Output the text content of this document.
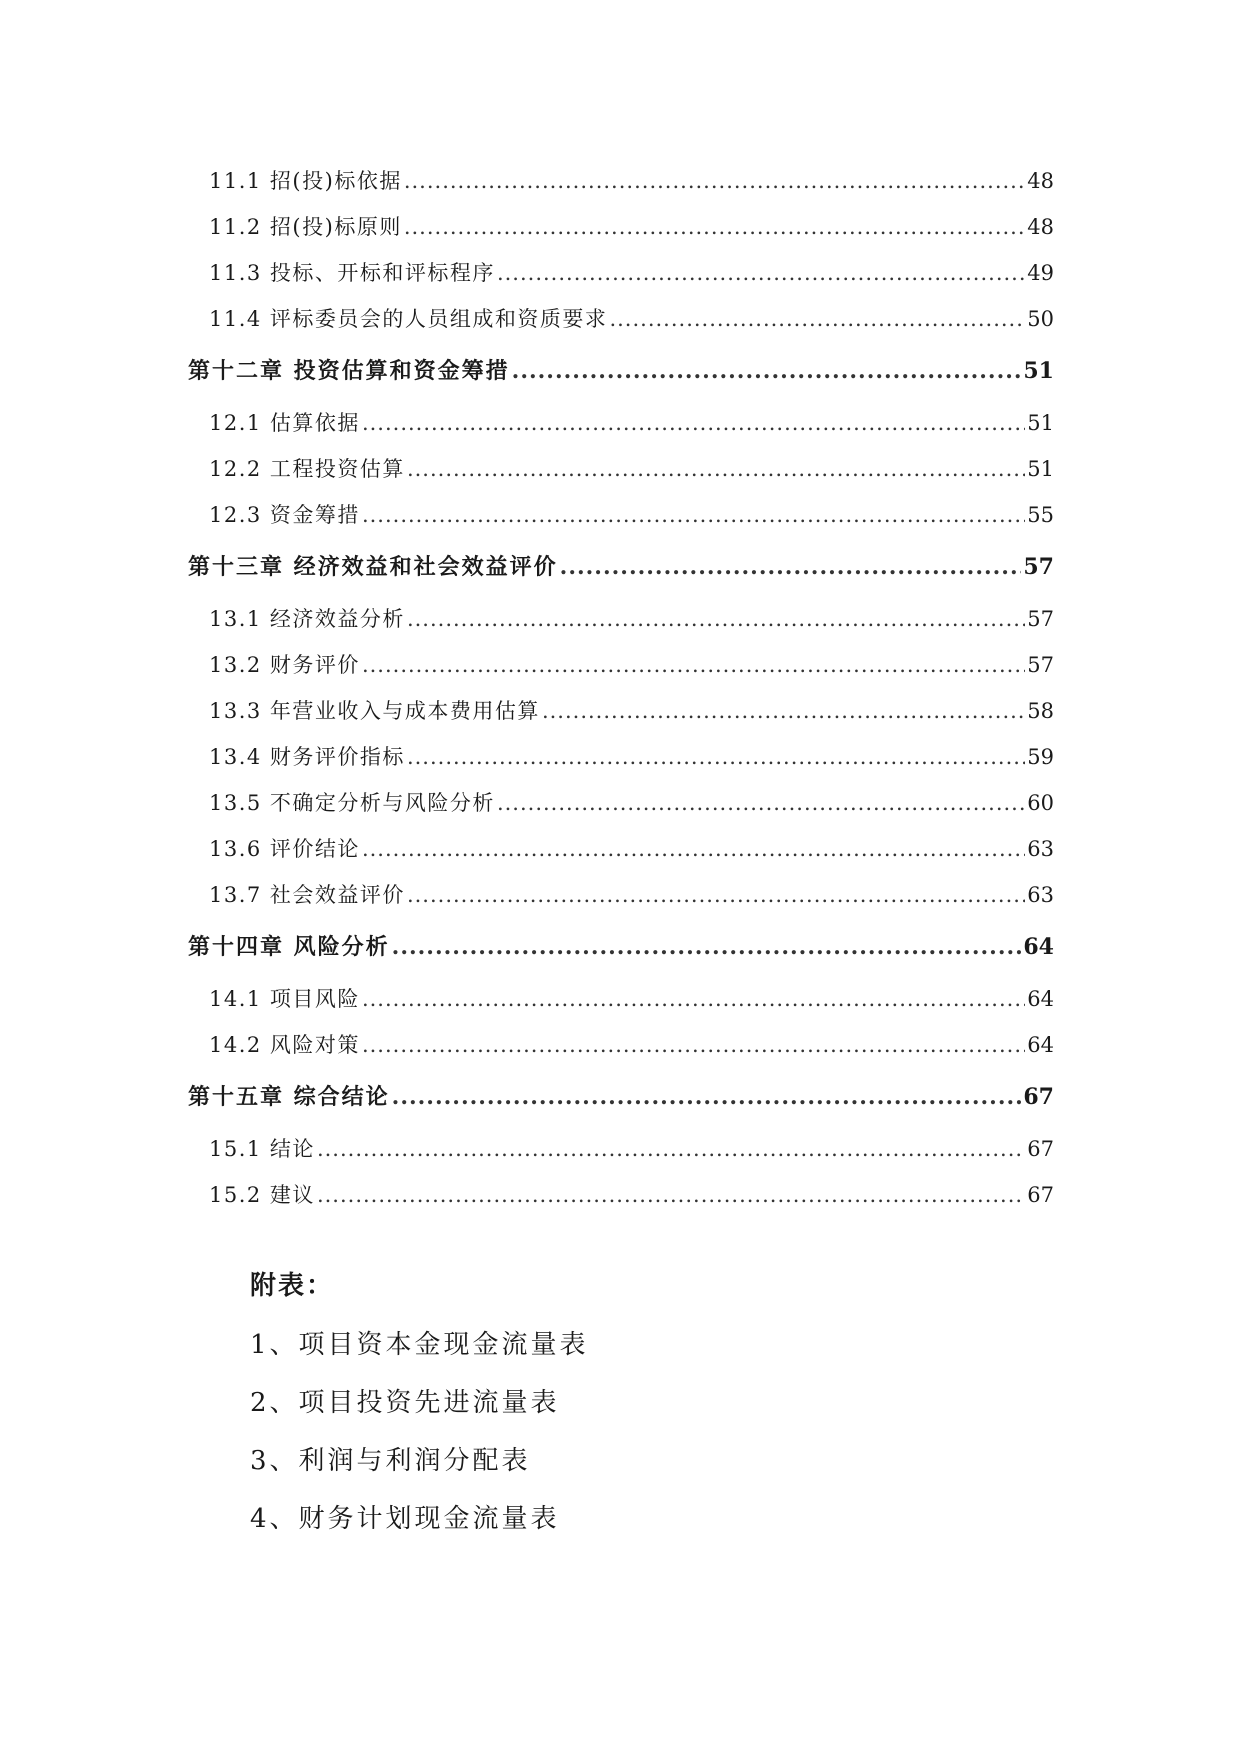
11.1 招(投)标依据 .....	48
11.2 招(投)标原则 .....	48
11.3 投标、开标和评标程序 .....	49
11.4 评标委员会的人员组成和资质要求 .....	50
第十二章 投资估算和资金筹措 .....	51
12.1 估算依据 .....	51
12.2 工程投资估算 .....	51
12.3 资金筹措 .....	55
第十三章 经济效益和社会效益评价 .....	57
13.1 经济效益分析 .....	57
13.2 财务评价 .....	57
13.3 年营业收入与成本费用估算 .....	58
13.4 财务评价指标 .....	59
13.5 不确定分析与风险分析 .....	60
13.6 评价结论 .....	63
13.7 社会效益评价 .....	63
第十四章 风险分析 .....	64
14.1 项目风险 .....	64
14.2 风险对策 .....	64
第十五章 综合结论 .....	67
15.1 结论 .....	67
15.2 建议 .....	67
附表：
1、项目资本金现金流量表
2、项目投资先进流量表
3、利润与利润分配表
4、财务计划现金流量表
